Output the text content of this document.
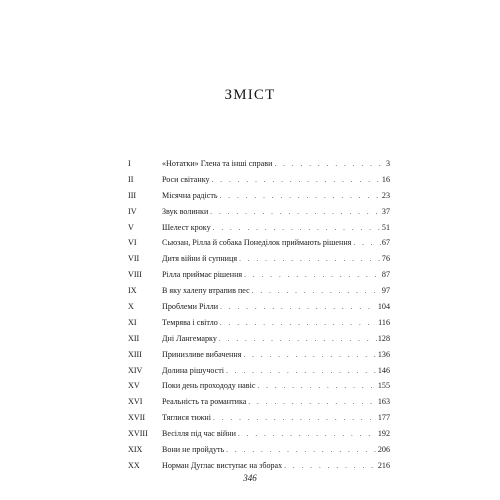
ЗМІСТ
I	«Нотатки» Глена та інші справи . . .	3
II	Роси світанку . . .	16
III	Місячна радість . . .	23
IV	Звук волинки . . .	37
V	Шелест кроку . . .	51
VI	Сьюзан, Рілла й собака Понеділок приймають рішення . . .	67
VII	Дитя війни й супниця . . .	76
VIII	Рілла приймає рішення . . .	87
IX	В яку халепу втрапив пес . . .	97
X	Проблеми Рілли . . .	104
XI	Темрява і світло . . .	116
XII	Дні Лангемарку . . .	128
XIII	Принизливе вибачення . . .	136
XIV	Долина рішучості . . .	146
XV	Поки день прохододу навіс . . .	155
XVI	Реальність та романтика . . .	163
XVII	Тяглися тижні . . .	177
XVIII	Весілля під час війни . . .	192
XIX	Вони не пройдуть . . .	206
XX	Норман Дуглас виступає на зборах . . .	216
346
